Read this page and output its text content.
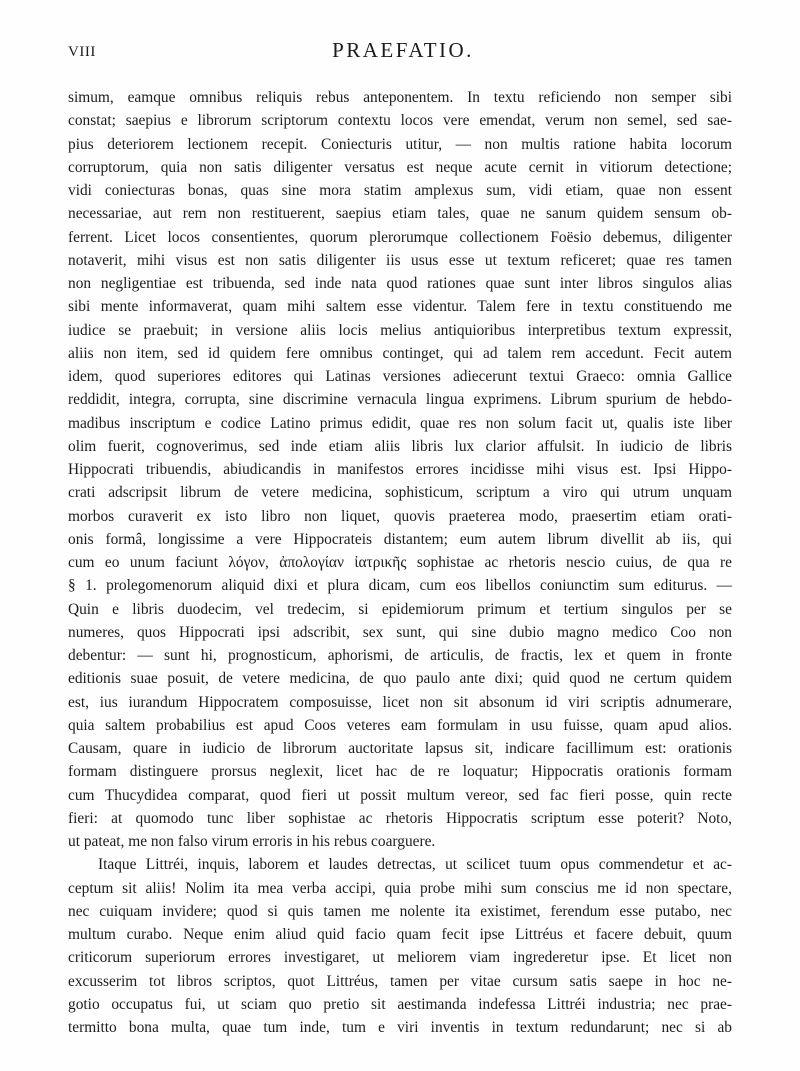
VIII	PRAEFATIO.
simum, eamque omnibus reliquis rebus anteponentem. In textu reficiendo non semper sibi
constat; saepius e librorum scriptorum contextu locos vere emendat, verum non semel, sed sae-
pius deteriorem lectionem recepit. Coniecturis utitur, — non multis ratione habita locorum
corruptorum, quia non satis diligenter versatus est neque acute cernit in vitiorum detectione;
vidi coniecturas bonas, quas sine mora statim amplexus sum, vidi etiam, quae non essent
necessariae, aut rem non restituerent, saepius etiam tales, quae ne sanum quidem sensum ob-
ferrent. Licet locos consentientes, quorum plerorumque collectionem Foësio debemus, diligenter
notaverit, mihi visus est non satis diligenter iis usus esse ut textum reficeret; quae res tamen
non negligentiae est tribuenda, sed inde nata quod rationes quae sunt inter libros singulos alias
sibi mente informaverat, quam mihi saltem esse videntur. Talem fere in textu constituendo me
iudice se praebuit; in versione aliis locis melius antiquioribus interpretibus textum expressit,
aliis non item, sed id quidem fere omnibus continget, qui ad talem rem accedunt. Fecit autem
idem, quod superiores editores qui Latinas versiones adiecerunt textui Graeco: omnia Gallice
reddidit, integra, corrupta, sine discrimine vernacula lingua exprimens. Librum spurium de hebdo-
madibus inscriptum e codice Latino primus edidit, quae res non solum facit ut, qualis iste liber
olim fuerit, cognoverimus, sed inde etiam aliis libris lux clarior affulsit. In iudicio de libris
Hippocrati tribuendis, abiudicandis in manifestos errores incidisse mihi visus est. Ipsi Hippo-
crati adscripsit librum de vetere medicina, sophisticum, scriptum a viro qui utrum unquam
morbos curaverit ex isto libro non liquet, quovis praeterea modo, praesertim etiam orati-
onis formâ, longissime a vere Hippocrateis distantem; eum autem librum divellit ab iis, qui
cum eo unum faciunt λόγον, ἀπολογίαν ἰατρικῆς sophistae ac rhetoris nescio cuius, de qua re
§ 1. prolegomenorum aliquid dixi et plura dicam, cum eos libellos coniunctim sum editurus. —
Quin e libris duodecim, vel tredecim, si epidemiorum primum et tertium singulos per se
numeres, quos Hippocrati ipsi adscribit, sex sunt, qui sine dubio magno medico Coo non
debentur: — sunt hi, prognosticum, aphorismi, de articulis, de fractis, lex et quem in fronte
editionis suae posuit, de vetere medicina, de quo paulo ante dixi; quid quod ne certum quidem
est, ius iurandum Hippocratem composuisse, licet non sit absonum id viri scriptis adnumerare,
quia saltem probabilius est apud Coos veteres eam formulam in usu fuisse, quam apud alios.
Causam, quare in iudicio de librorum auctoritate lapsus sit, indicare facillimum est: orationis
formam distinguere prorsus neglexit, licet hac de re loquatur; Hippocratis orationis formam
cum Thucydidea comparat, quod fieri ut possit multum vereor, sed fac fieri posse, quin recte
fieri: at quomodo tunc liber sophistae ac rhetoris Hippocratis scriptum esse poterit? Noto,
ut pateat, me non falso virum erroris in his rebus coarguere.
Itaque Littréi, inquis, laborem et laudes detrectas, ut scilicet tuum opus commendetur et ac-
ceptum sit aliis! Nolim ita mea verba accipi, quia probe mihi sum conscius me id non spectare,
nec cuiquam invidere; quod si quis tamen me nolente ita existimet, ferendum esse putabo, nec
multum curabo. Neque enim aliud quid facio quam fecit ipse Littréus et facere debuit, quum
criticorum superiorum errores investigaret, ut meliorem viam ingrederetur ipse. Et licet non
excusserim tot libros scriptos, quot Littréus, tamen per vitae cursum satis saepe in hoc ne-
gotio occupatus fui, ut sciam quo pretio sit aestimanda indefessa Littréi industria; nec prae-
termitto bona multa, quae tum inde, tum e viri inventis in textum redundarunt; nec si ab
